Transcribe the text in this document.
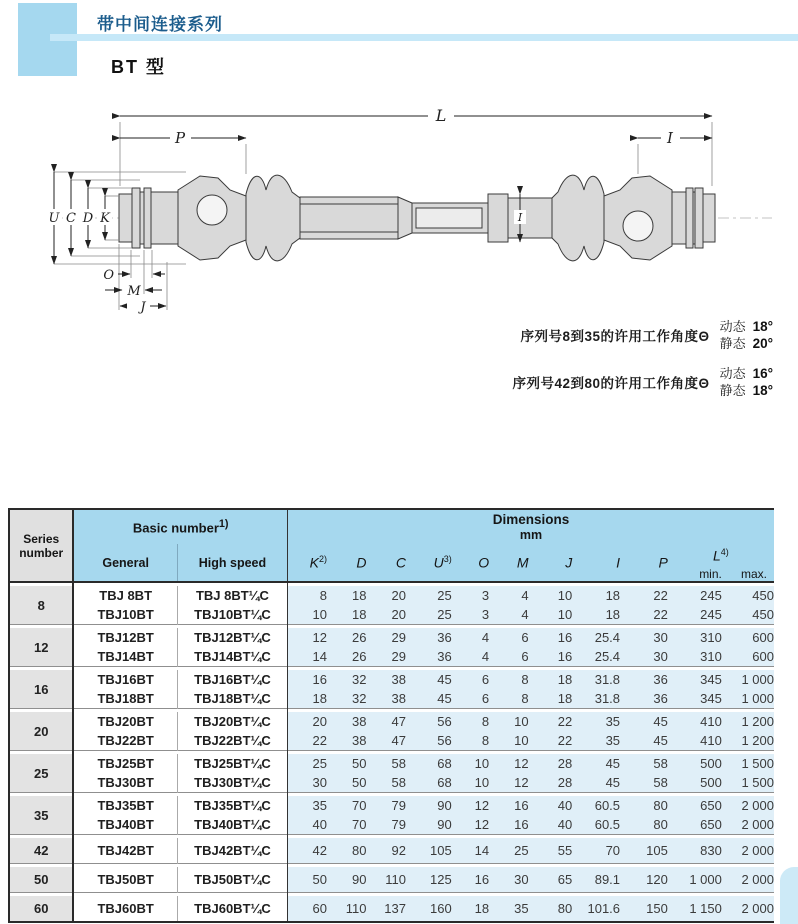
带中间连接系列
BT 型
L
P	I
U C D K	I
O
M
J
序列号8到35的许用工作角度Θ
动态 18°
静态 20°
序列号42到80的许用工作角度Θ
动态 16°
静态 18°
Series number	Basic number$^{1)}$		Dimensions
mm										

	General	High speed	$K^{2)}$	D	C	$U^{3)}$	O	M	J	I	P	$L^{4)}$
												min.	max.

8	TBJ 8BT	TBJ 8BT¼C	8	18	20	25	3	4	10	18	22	245	450
	TBJ10BT	TBJ10BT¼C	10	18	20	25	3	4	10	18	22	245	450

12	TBJ12BT	TBJ12BT¼C	12	26	29	36	4	6	16	25.4	30	310	600
	TBJ14BT	TBJ14BT¼C	14	26	29	36	4	6	16	25.4	30	310	600

16	TBJ16BT	TBJ16BT¼C	16	32	38	45	6	8	18	31.8	36	345	1 000
	TBJ18BT	TBJ18BT¼C	18	32	38	45	6	8	18	31.8	36	345	1 000

20	TBJ20BT	TBJ20BT¼C	20	38	47	56	8	10	22	35	45	410	1 200
	TBJ22BT	TBJ22BT¼C	22	38	47	56	8	10	22	35	45	410	1 200

25	TBJ25BT	TBJ25BT¼C	25	50	58	68	10	12	28	45	58	500	1 500
	TBJ30BT	TBJ30BT¼C	30	50	58	68	10	12	28	45	58	500	1 500

35	TBJ35BT	TBJ35BT¼C	35	70	79	90	12	16	40	60.5	80	650	2 000
	TBJ40BT	TBJ40BT¼C	40	70	79	90	12	16	40	60.5	80	650	2 000

42	TBJ42BT	TBJ42BT¼C	42	80	92	105	14	25	55	70	105	830	2 000

50	TBJ50BT	TBJ50BT¼C	50	90	110	125	16	30	65	89.1	120	1 000	2 000

60	TBJ60BT	TBJ60BT¼C	60	110	137	160	18	35	80	101.6	150	1 150	2 000
